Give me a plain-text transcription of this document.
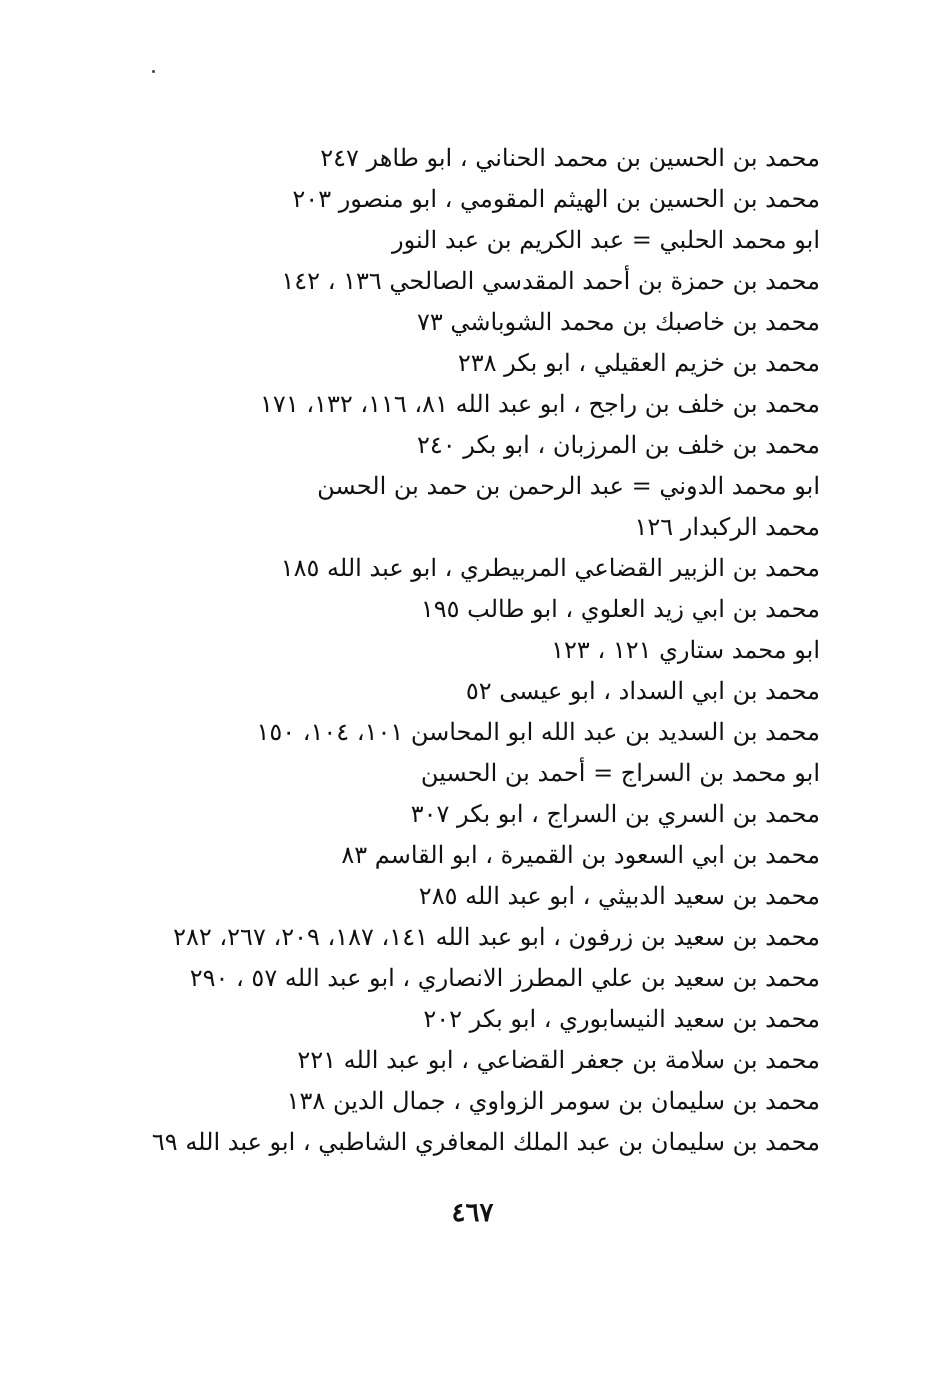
محمد بن الحسين بن محمد الحناني ، ابو طاهر ٢٤٧
محمد بن الحسين بن الهيثم المقومي ، ابو منصور ٢٠٣
ابو محمد الحلبي = عبد الكريم بن عبد النور
محمد بن حمزة بن أحمد المقدسي الصالحي ١٣٦ ، ١٤٢
محمد بن خاصبك بن محمد الشوباشي ٧٣
محمد بن خزيم العقيلي ، ابو بكر ٢٣٨
محمد بن خلف بن راجح ، ابو عبد الله ٨١، ١١٦، ١٣٢، ١٧١
محمد بن خلف بن المرزبان ، ابو بكر ٢٤٠
ابو محمد الدوني = عبد الرحمن بن حمد بن الحسن
محمد الركبدار ١٢٦
محمد بن الزبير القضاعي المربيطري ، ابو عبد الله ١٨٥
محمد بن ابي زيد العلوي ، ابو طالب ١٩٥
ابو محمد ستاري ١٢١ ، ١٢٣
محمد بن ابي السداد ، ابو عيسى ٥٢
محمد بن السديد بن عبد الله ابو المحاسن ١٠١، ١٠٤، ١٥٠
ابو محمد بن السراج = أحمد بن الحسين
محمد بن السري بن السراج ، ابو بكر ٣٠٧
محمد بن ابي السعود بن القميرة ، ابو القاسم ٨٣
محمد بن سعيد الدبيثي ، ابو عبد الله ٢٨٥
محمد بن سعيد بن زرفون ، ابو عبد الله ١٤١، ١٨٧، ٢٠٩، ٢٦٧، ٢٨٢
محمد بن سعيد بن علي المطرز الانصاري ، ابو عبد الله ٥٧ ، ٢٩٠
محمد بن سعيد النيسابوري ، ابو بكر ٢٠٢
محمد بن سلامة بن جعفر القضاعي ، ابو عبد الله ٢٢١
محمد بن سليمان بن سومر الزواوي ، جمال الدين ١٣٨
محمد بن سليمان بن عبد الملك المعافري الشاطبي ، ابو عبد الله ٦٩
٤٦٧
